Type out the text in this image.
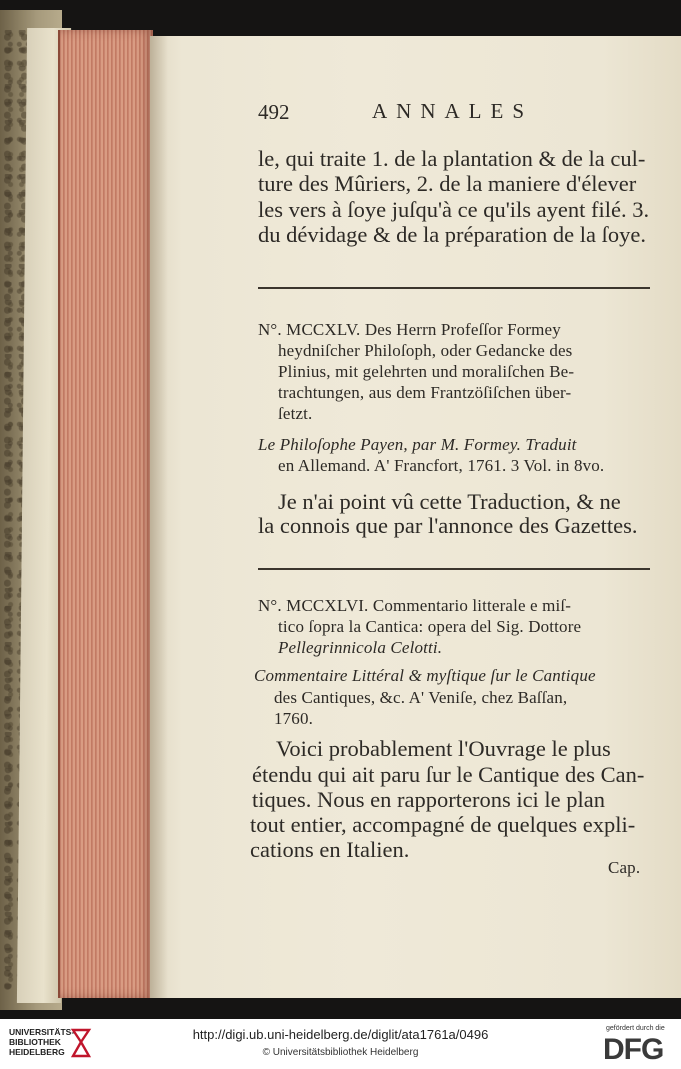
492	ANNALES
le, qui traite 1. de la plantation & de la cul-
ture des Mûriers, 2. de la maniere d'élever
les vers à ſoye juſqu'à ce qu'ils ayent filé. 3.
du dévidage & de la préparation de la ſoye.
N°. MCCXLV. Des Herrn Profeſſor Formey
heydniſcher Philoſoph, oder Gedancke des
Plinius, mit gelehrten und moraliſchen Be-
trachtungen, aus dem Frantzöſiſchen über-
ſetzt.
Le Philoſophe Payen, par M. Formey. Traduit
en Allemand. A' Francfort, 1761. 3 Vol. in 8vo.
Je n'ai point vû cette Traduction, & ne
la connois que par l'annonce des Gazettes.
N°. MCCXLVI. Commentario litterale e miſ-
tico ſopra la Cantica: opera del Sig. Dottore
Pellegrinnicola Celotti.
Commentaire Littéral & myſtique ſur le Cantique
des Cantiques, &c. A' Veniſe, chez Baſſan,
1760.
Voici probablement l'Ouvrage le plus
étendu qui ait paru ſur le Cantique des Can-
tiques. Nous en rapporterons ici le plan
tout entier, accompagné de quelques expli-
cations en Italien.
Cap.
UNIVERSITÄTS-
BIBLIOTHEK
HEIDELBERG
http://digi.ub.uni-heidelberg.de/diglit/ata1761a/0496
© Universitätsbibliothek Heidelberg
gefördert durch die
DFG
